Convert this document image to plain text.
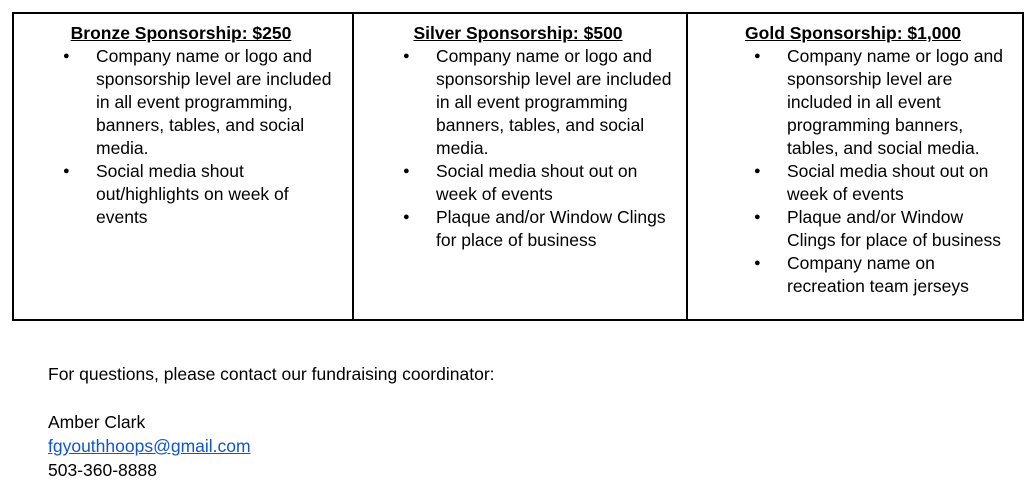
Bronze Sponsorship: $250
● Company name or logo and sponsorship level are included in all event programming, banners, tables, and social media.
● Social media shout out/highlights on week of events

Silver Sponsorship: $500
● Company name or logo and sponsorship level are included in all event programming banners, tables, and social media.
● Social media shout out on week of events
● Plaque and/or Window Clings for place of business

Gold Sponsorship: $1,000
● Company name or logo and sponsorship level are included in all event programming banners, tables, and social media.
● Social media shout out on week of events
● Plaque and/or Window Clings for place of business
● Company name on recreation team jerseys
For questions, please contact our fundraising coordinator:
Amber Clark
fgyouthhoops@gmail.com
503-360-8888
